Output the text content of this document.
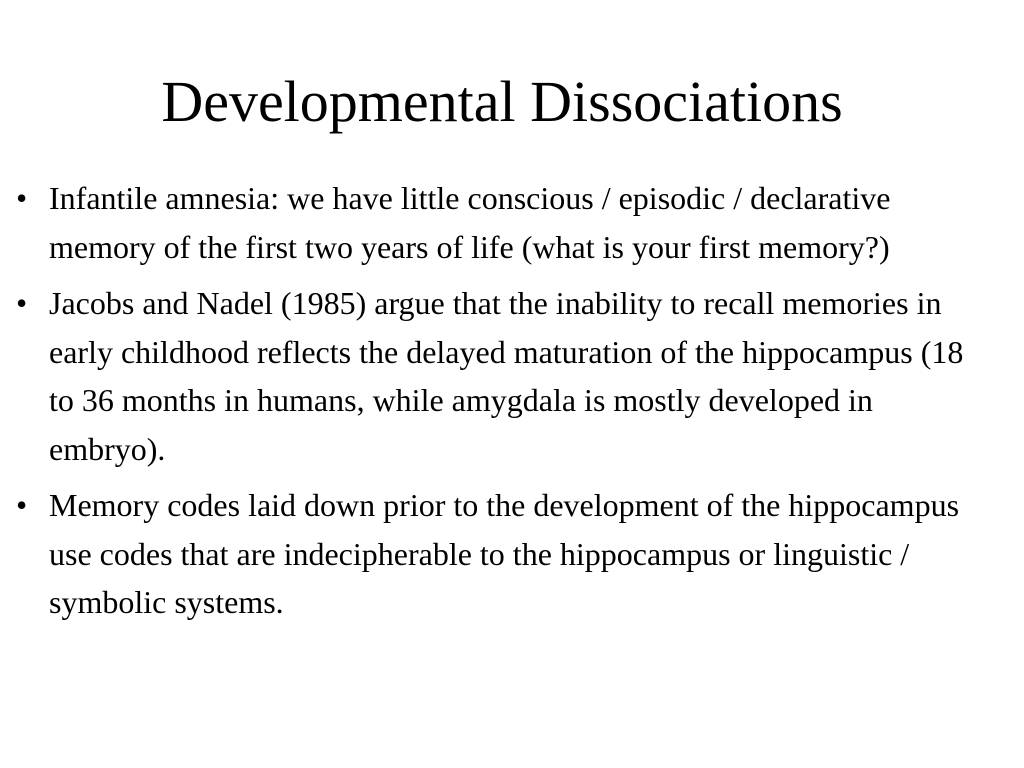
Developmental Dissociations
• Infantile amnesia: we have little conscious / episodic / declarative memory of the first two years of life (what is your first memory?)
• Jacobs and Nadel (1985) argue that the inability to recall memories in early childhood reflects the delayed maturation of the hippocampus (18 to 36 months in humans, while amygdala is mostly developed in embryo).
• Memory codes laid down prior to the development of the hippocampus use codes that are indecipherable to the hippocampus or linguistic / symbolic systems.
